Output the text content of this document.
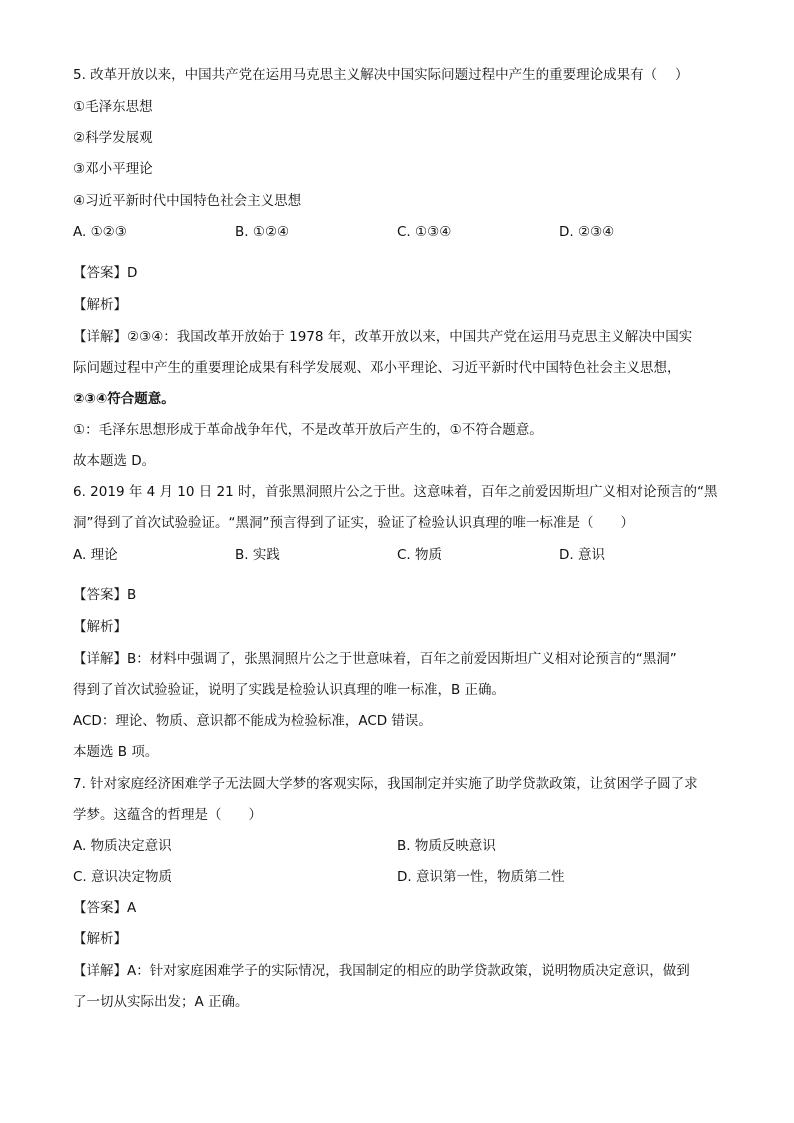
5. 改革开放以来，中国共产党在运用马克思主义解决中国实际问题过程中产生的重要理论成果有（　 ）
①毛泽东思想
②科学发展观
③邓小平理论
④习近平新时代中国特色社会主义思想
A. ①②③	B. ①②④	C. ①③④	D. ②③④
【答案】D
【解析】
【详解】②③④：我国改革开放始于 1978 年，改革开放以来，中国共产党在运用马克思主义解决中国实
际问题过程中产生的重要理论成果有科学发展观、邓小平理论、习近平新时代中国特色社会主义思想，
②③④符合题意。
①：毛泽东思想形成于革命战争年代，不是改革开放后产生的，①不符合题意。
故本题选 D。
6. 2019 年 4 月 10 日 21 时，首张黑洞照片公之于世。这意味着，百年之前爱因斯坦广义相对论预言的“黑
洞”得到了首次试验验证。“黑洞”预言得到了证实，验证了检验认识真理的唯一标准是（　　）
A. 理论	B. 实践	C. 物质	D. 意识
【答案】B
【解析】
【详解】B：材料中强调了，张黑洞照片公之于世意味着，百年之前爱因斯坦广义相对论预言的“黑洞”
得到了首次试验验证，说明了实践是检验认识真理的唯一标准，B 正确。
ACD：理论、物质、意识都不能成为检验标准，ACD 错误。
本题选 B 项。
7. 针对家庭经济困难学子无法圆大学梦的客观实际，我国制定并实施了助学贷款政策，让贫困学子圆了求
学梦。这蕴含的哲理是（　　）
A. 物质决定意识	B. 物质反映意识
C. 意识决定物质	D. 意识第一性，物质第二性
【答案】A
【解析】
【详解】A：针对家庭困难学子的实际情况，我国制定的相应的助学贷款政策，说明物质决定意识，做到
了一切从实际出发；A 正确。
